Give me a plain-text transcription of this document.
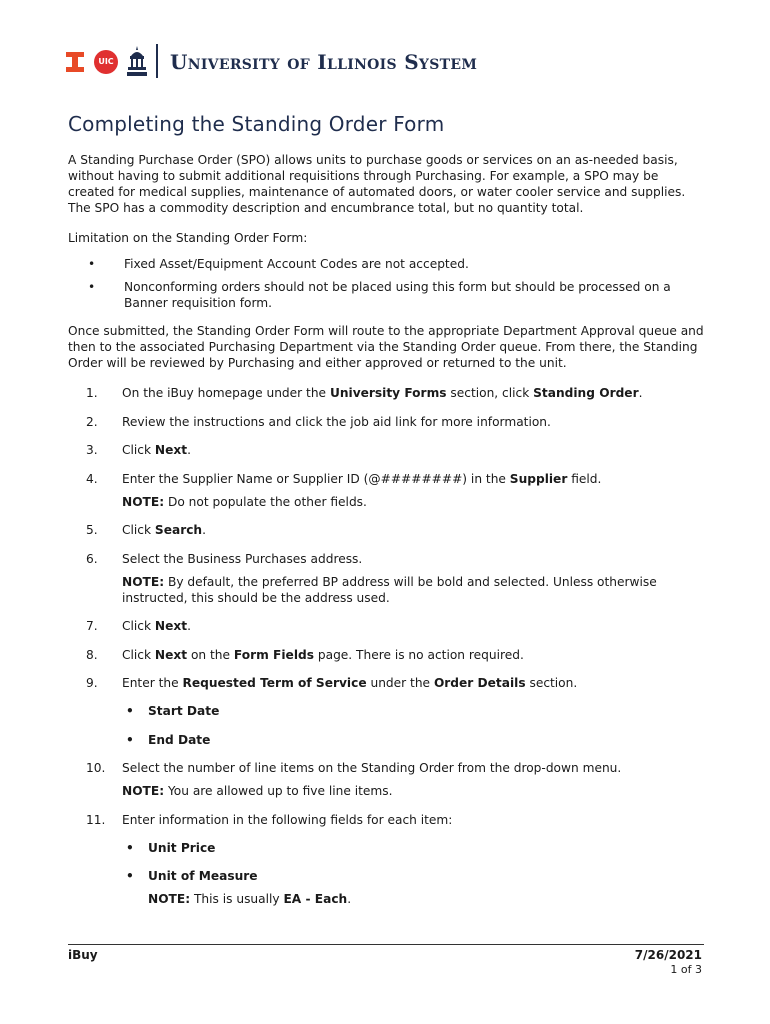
UIC	University of Illinois System
Completing the Standing Order Form

A Standing Purchase Order (SPO) allows units to purchase goods or services on an as-needed basis, without having to submit additional requisitions through Purchasing. For example, a SPO may be created for medical supplies, maintenance of automated doors, or water cooler service and supplies. The SPO has a commodity description and encumbrance total, but no quantity total.

Limitation on the Standing Order Form:

• Fixed Asset/Equipment Account Codes are not accepted.
• Nonconforming orders should not be placed using this form but should be processed on a Banner requisition form.

Once submitted, the Standing Order Form will route to the appropriate Department Approval queue and then to the associated Purchasing Department via the Standing Order queue. From there, the Standing Order will be reviewed by Purchasing and either approved or returned to the unit.

1.	On the iBuy homepage under the University Forms section, click Standing Order.
2.	Review the instructions and click the job aid link for more information.
3.	Click Next.
4.	Enter the Supplier Name or Supplier ID (@########) in the Supplier field.
NOTE: Do not populate the other fields.
5.	Click Search.
6.	Select the Business Purchases address.
NOTE: By default, the preferred BP address will be bold and selected. Unless otherwise instructed, this should be the address used.
7.	Click Next.
8.	Click Next on the Form Fields page. There is no action required.
9.	Enter the Requested Term of Service under the Order Details section.
• Start Date
• End Date
10.	Select the number of line items on the Standing Order from the drop-down menu.
NOTE: You are allowed up to five line items.
11.	Enter information in the following fields for each item:
• Unit Price
• Unit of Measure
NOTE: This is usually EA - Each.
iBuy	7/26/2021
1 of 3
